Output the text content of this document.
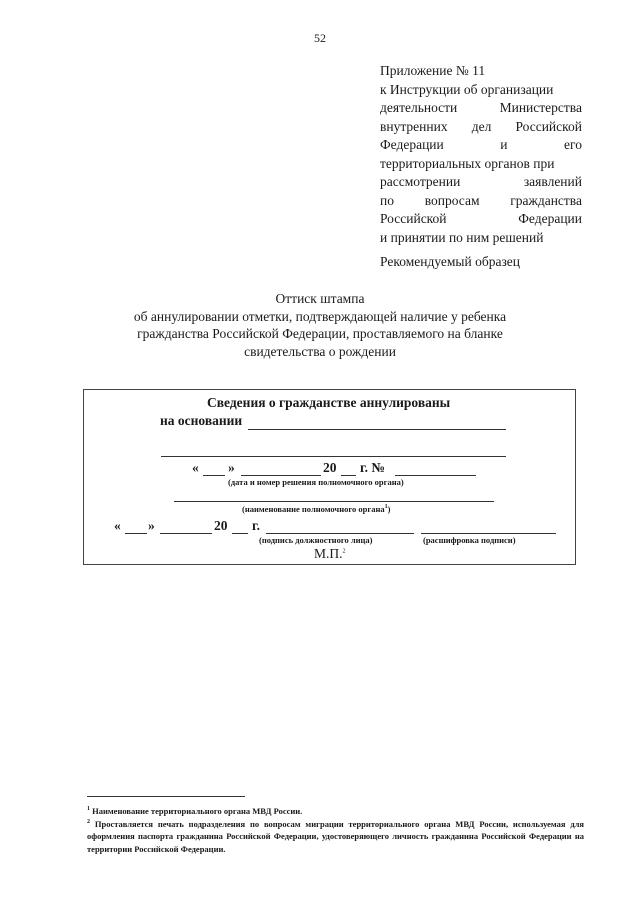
52
Приложение № 11
к Инструкции об организации
деятельности Министерства
внутренних дел Российской
Федерации и его
территориальных органов при
рассмотрении заявлений
по вопросам гражданства
Российской Федерации
и принятии по ним решений
Рекомендуемый образец
Оттиск штампа
об аннулировании отметки, подтверждающей наличие у ребенка
гражданства Российской Федерации, проставляемого на бланке
свидетельства о рождении
Сведения о гражданстве аннулированы
на основании
« »	20 г. №
(дата и номер решения полномочного органа)
(наименование полномочного органа$^1$)
« »	20 г.
(подпись должностного лица)	(расшифровка подписи)
М.П.$^2$
$^1$ Наименование территориального органа МВД России.
$^2$ Проставляется печать подразделения по вопросам миграции территориального органа МВД России, используемая для оформления паспорта гражданина Российской Федерации, удостоверяющего личность гражданина Российской Федерации на территории Российской Федерации.
